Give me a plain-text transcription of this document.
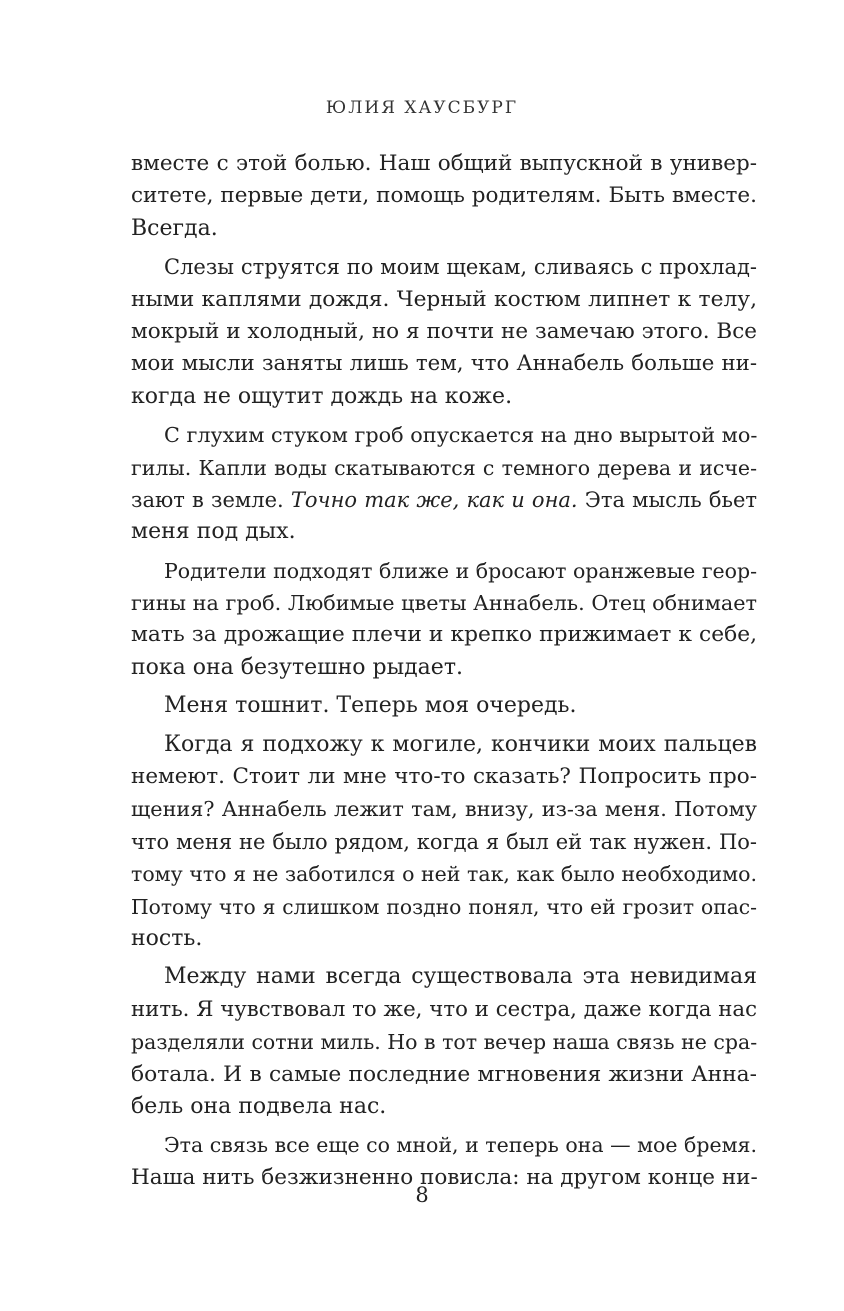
ЮЛИЯ ХАУСБУРГ
вместе с этой болью. Наш общий выпускной в универ-
ситете, первые дети, помощь родителям. Быть вместе.
Всегда.
Слезы струятся по моим щекам, сливаясь с прохлад-
ными каплями дождя. Черный костюм липнет к телу,
мокрый и холодный, но я почти не замечаю этого. Все
мои мысли заняты лишь тем, что Аннабель больше ни-
когда не ощутит дождь на коже.
С глухим стуком гроб опускается на дно вырытой мо-
гилы. Капли воды скатываются с темного дерева и исче-
зают в земле. Точно так же, как и она. Эта мысль бьет
меня под дых.
Родители подходят ближе и бросают оранжевые геор-
гины на гроб. Любимые цветы Аннабель. Отец обнимает
мать за дрожащие плечи и крепко прижимает к себе,
пока она безутешно рыдает.
Меня тошнит. Теперь моя очередь.
Когда я подхожу к могиле, кончики моих пальцев
немеют. Стоит ли мне что-то сказать? Попросить про-
щения? Аннабель лежит там, внизу, из-за меня. Потому
что меня не было рядом, когда я был ей так нужен. По-
тому что я не заботился о ней так, как было необходимо.
Потому что я слишком поздно понял, что ей грозит опас-
ность.
Между нами всегда существовала эта невидимая
нить. Я чувствовал то же, что и сестра, даже когда нас
разделяли сотни миль. Но в тот вечер наша связь не сра-
ботала. И в самые последние мгновения жизни Анна-
бель она подвела нас.
Эта связь все еще со мной, и теперь она — мое бремя.
Наша нить безжизненно повисла: на другом конце ни-
8
